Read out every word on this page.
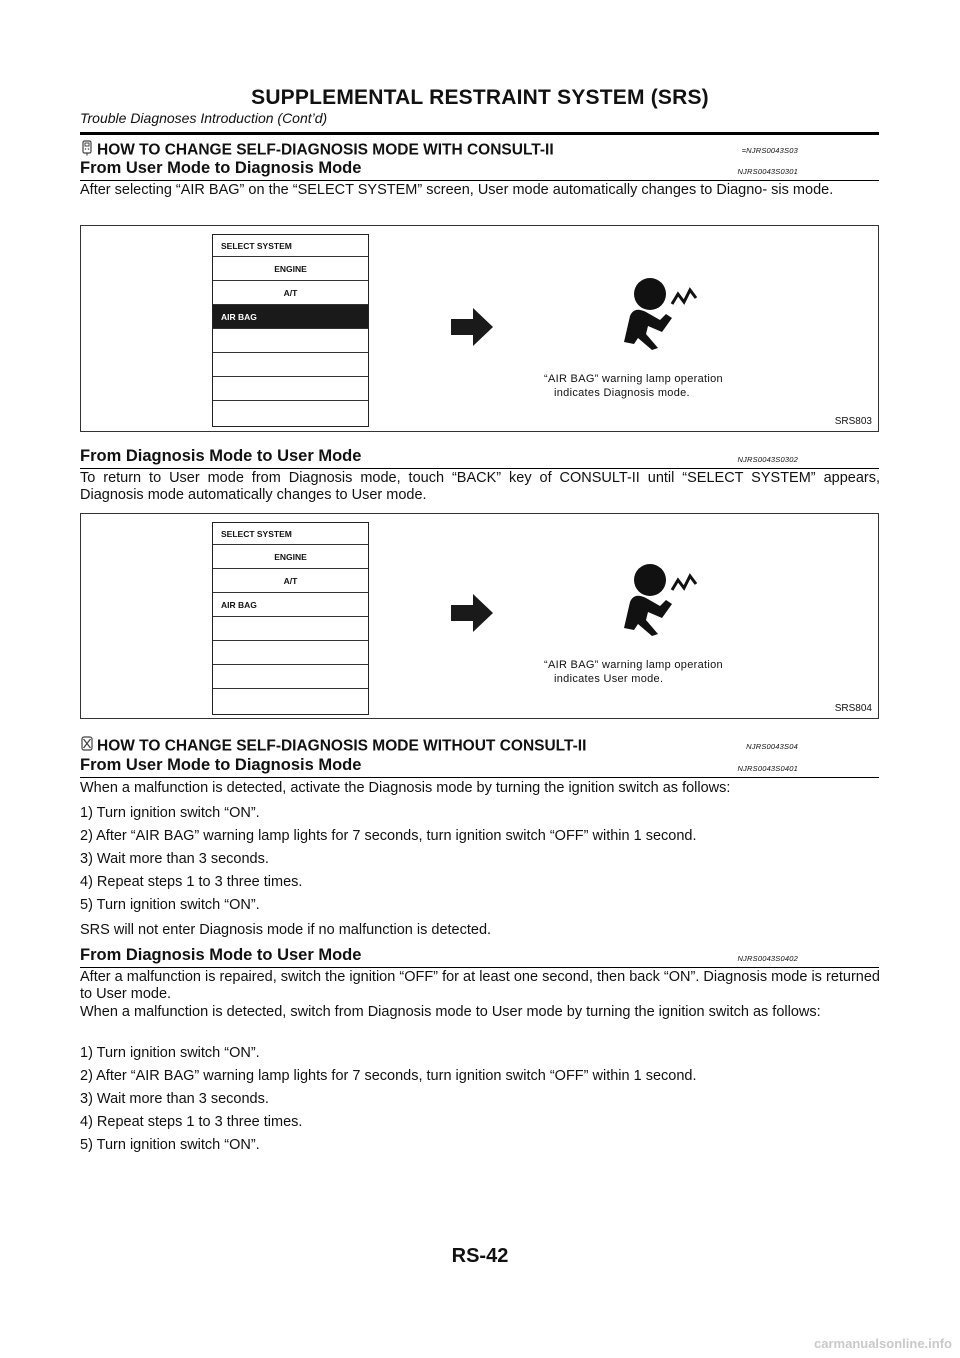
SUPPLEMENTAL RESTRAINT SYSTEM (SRS)
Trouble Diagnoses Introduction (Cont’d)
HOW TO CHANGE SELF-DIAGNOSIS MODE WITH CONSULT-II	=NJRS0043S03
From User Mode to Diagnosis Mode	NJRS0043S0301
After selecting “AIR BAG” on the “SELECT SYSTEM” screen, User mode automatically changes to Diagno- sis mode.
SELECT SYSTEM
ENGINE
A/T
AIR BAG
“AIR BAG” warning lamp operation
indicates Diagnosis mode.
SRS803
From Diagnosis Mode to User Mode	NJRS0043S0302
To return to User mode from Diagnosis mode, touch “BACK” key of CONSULT-II until “SELECT SYSTEM” appears, Diagnosis mode automatically changes to User mode.
SELECT SYSTEM
ENGINE
A/T
AIR BAG
“AIR BAG” warning lamp operation
indicates User mode.
SRS804
HOW TO CHANGE SELF-DIAGNOSIS MODE WITHOUT CONSULT-II	NJRS0043S04
From User Mode to Diagnosis Mode	NJRS0043S0401
When a malfunction is detected, activate the Diagnosis mode by turning the ignition switch as follows:
1) Turn ignition switch “ON”.
2) After “AIR BAG” warning lamp lights for 7 seconds, turn ignition switch “OFF” within 1 second.
3) Wait more than 3 seconds.
4) Repeat steps 1 to 3 three times.
5) Turn ignition switch “ON”.
SRS will not enter Diagnosis mode if no malfunction is detected.
From Diagnosis Mode to User Mode	NJRS0043S0402
After a malfunction is repaired, switch the ignition “OFF” for at least one second, then back “ON”. Diagnosis mode is returned to User mode.
When a malfunction is detected, switch from Diagnosis mode to User mode by turning the ignition switch as follows:
1) Turn ignition switch “ON”.
2) After “AIR BAG” warning lamp lights for 7 seconds, turn ignition switch “OFF” within 1 second.
3) Wait more than 3 seconds.
4) Repeat steps 1 to 3 three times.
5) Turn ignition switch “ON”.
RS-42
carmanualsonline.info
